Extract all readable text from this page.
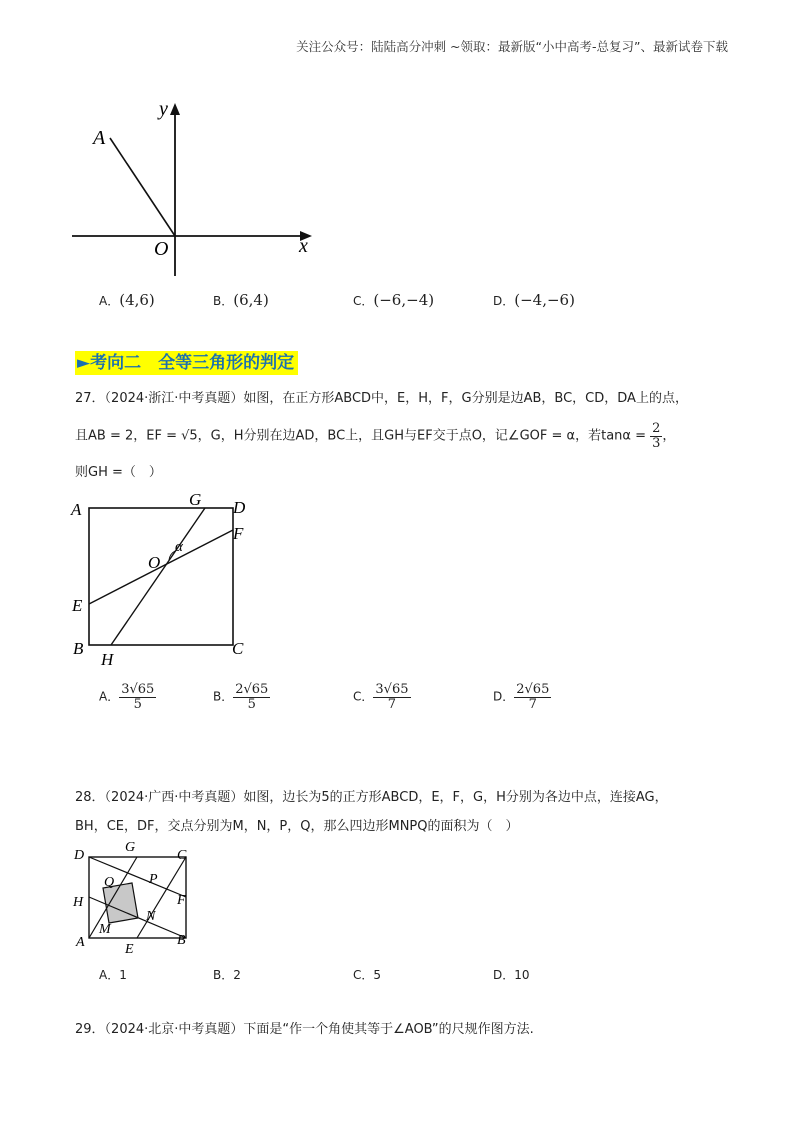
关注公众号：陆陆高分冲刺 ~领取：最新版“小中高考-总复习”、最新试卷下载
y
A
O	x
A．(4,6)	B．(6,4)	C．(−6,−4)	D．(−4,−6)
►考向二　全等三角形的判定
27．（2024·浙江·中考真题）如图，在正方形ABCD中，E，H，F，G分别是边AB，BC，CD，DA上的点，
且AB = 2，EF = √5，G，H分别在边AD，BC上，且GH与EF交于点O，记∠GOF = α，若$\tan\alpha = \frac{2}{3}$ ，
则GH =（　）
A
G D
F
α
O
E
B
H
C
A． $\frac{3√65}{5}$	B． $\frac{2√65}{5}$	C． $\frac{3√65}{7}$	D． $\frac{2√65}{7}$
28．（2024·广西·中考真题）如图，边长为5的正方形ABCD，E，F，G，H分别为各边中点，连接AG，
BH，CE，DF，交点分别为M，N，P，Q，那么四边形MNPQ的面积为（　）
D
G
C
Q P
H	F
M
N
A	E
B
A．1	B．2	C．5	D．10
29．（2024·北京·中考真题）下面是“作一个角使其等于∠AOB”的尺规作图方法.
